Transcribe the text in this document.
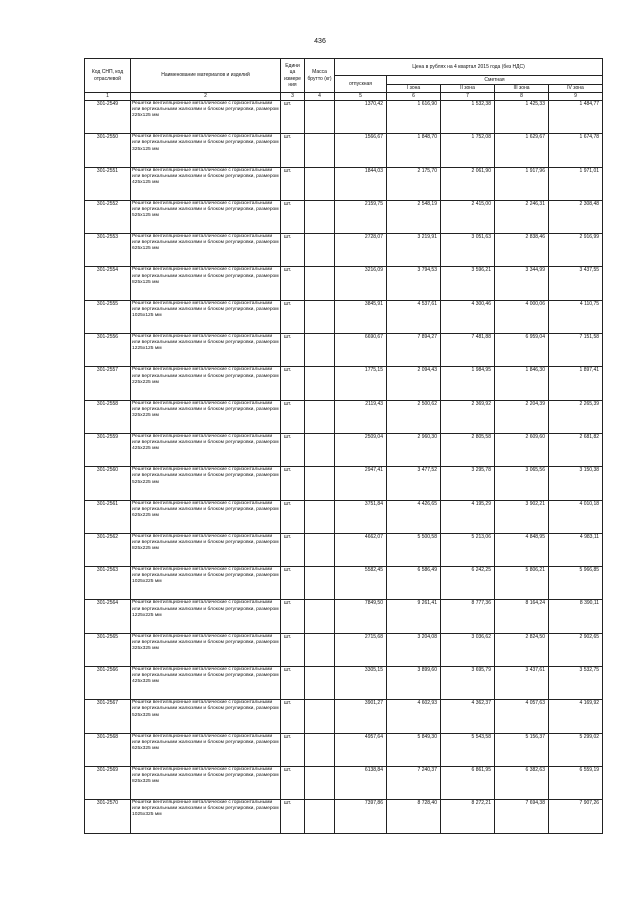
436
Код СНП, код отраслевой	Наименование материалов и изделий	Едини ца измере ния	Масса брутто (кг)	Цена в рублях на 4 квартал 2015 года (без НДС)				
				отпускная	Сметная			
					I зона	II зона	III зона	IV зона
1	2	3	4	5	6	7	8	9
301-2549	Решетки вентиляционные металлические с горизонтальными или вертикальными жалюзями и блоком регулировки, размером 225х125 мм	шт.		1370,42	1 616,90	1 532,38	1 425,33	1 484,77
301-2550	Решетки вентиляционные металлические с горизонтальными или вертикальными жалюзями и блоком регулировки, размером 325х125 мм	шт.		1566,67	1 848,70	1 752,08	1 629,67	1 674,78
301-2551	Решетки вентиляционные металлические с горизонтальными или вертикальными жалюзями и блоком регулировки, размером 425х125 мм	шт.		1844,03	2 175,70	2 061,90	1 917,96	1 971,01
301-2552	Решетки вентиляционные металлические с горизонтальными или вертикальными жалюзями и блоком регулировки, размером 525х125 мм	шт.		2159,75	2 548,19	2 415,00	2 246,31	2 308,48
301-2553	Решетки вентиляционные металлические с горизонтальными или вертикальными жалюзями и блоком регулировки, размером 625х125 мм	шт.		2728,07	3 219,91	3 051,63	2 838,46	2 916,99
301-2554	Решетки вентиляционные металлические с горизонтальными или вертикальными жалюзями и блоком регулировки, размером 825х125 мм	шт.		3216,09	3 794,53	3 596,21	3 344,99	3 437,55
301-2555	Решетки вентиляционные металлические с горизонтальными или вертикальными жалюзями и блоком регулировки, размером 1025х125 мм	шт.		3845,91	4 537,61	4 300,46	4 000,06	4 110,75
301-2556	Решетки вентиляционные металлические с горизонтальными или вертикальными жалюзями и блоком регулировки, размером 1225х125 мм	шт.		6690,67	7 894,27	7 481,88	6 959,04	7 151,58
301-2557	Решетки вентиляционные металлические с горизонтальными или вертикальными жалюзями и блоком регулировки, размером 225х225 мм	шт.		1775,15	2 094,43	1 984,95	1 846,30	1 897,41
301-2558	Решетки вентиляционные металлические с горизонтальными или вертикальными жалюзями и блоком регулировки, размером 325х225 мм	шт.		2119,43	2 500,62	2 369,92	2 204,39	2 265,39
301-2559	Решетки вентиляционные металлические с горизонтальными или вертикальными жалюзями и блоком регулировки, размером 425х225 мм	шт.		2509,04	2 960,30	2 805,58	2 609,60	2 681,82
301-2560	Решетки вентиляционные металлические с горизонтальными или вертикальными жалюзями и блоком регулировки, размером 525х225 мм	шт.		2947,41	3 477,52	3 295,78	3 065,56	3 150,38
301-2561	Решетки вентиляционные металлические с горизонтальными или вертикальными жалюзями и блоком регулировки, размером 625х225 мм	шт.		3751,84	4 426,65	4 195,29	3 902,21	4 010,18
301-2562	Решетки вентиляционные металлические с горизонтальными или вертикальными жалюзями и блоком регулировки, размером 825х225 мм	шт.		4662,07	5 500,58	5 213,06	4 848,95	4 983,11
301-2563	Решетки вентиляционные металлические с горизонтальными или вертикальными жалюзями и блоком регулировки, размером 1025х225 мм	шт.		5582,45	6 586,49	6 242,25	5 806,21	5 966,85
301-2564	Решетки вентиляционные металлические с горизонтальными или вертикальными жалюзями и блоком регулировки, размером 1225х225 мм	шт.		7849,50	9 261,41	8 777,36	8 164,24	8 390,11
301-2565	Решетки вентиляционные металлические с горизонтальными или вертикальными жалюзями и блоком регулировки, размером 325х325 мм	шт.		2715,68	3 204,08	3 036,62	2 824,50	2 902,65
301-2566	Решетки вентиляционные металлические с горизонтальными или вертикальными жалюзями и блоком регулировки, размером 425х325 мм	шт.		3305,15	3 899,60	3 695,79	3 437,61	3 532,75
301-2567	Решетки вентиляционные металлические с горизонтальными или вертикальными жалюзями и блоком регулировки, размером 525х325 мм	шт.		3901,27	4 602,93	4 362,37	4 057,63	4 169,92
301-2568	Решетки вентиляционные металлические с горизонтальными или вертикальными жалюзями и блоком регулировки, размером 625х325 мм	шт.		4957,64	5 849,30	5 543,58	5 156,37	5 299,02
301-2569	Решетки вентиляционные металлические с горизонтальными или вертикальными жалюзями и блоком регулировки, размером 825х325 мм	шт.		6138,84	7 240,37	6 861,95	6 382,63	6 559,19
301-2570	Решетки вентиляционные металлические с горизонтальными или вертикальными жалюзями и блоком регулировки, размером 1025х325 мм	шт.		7397,86	8 728,40	8 272,21	7 694,38	7 907,26
